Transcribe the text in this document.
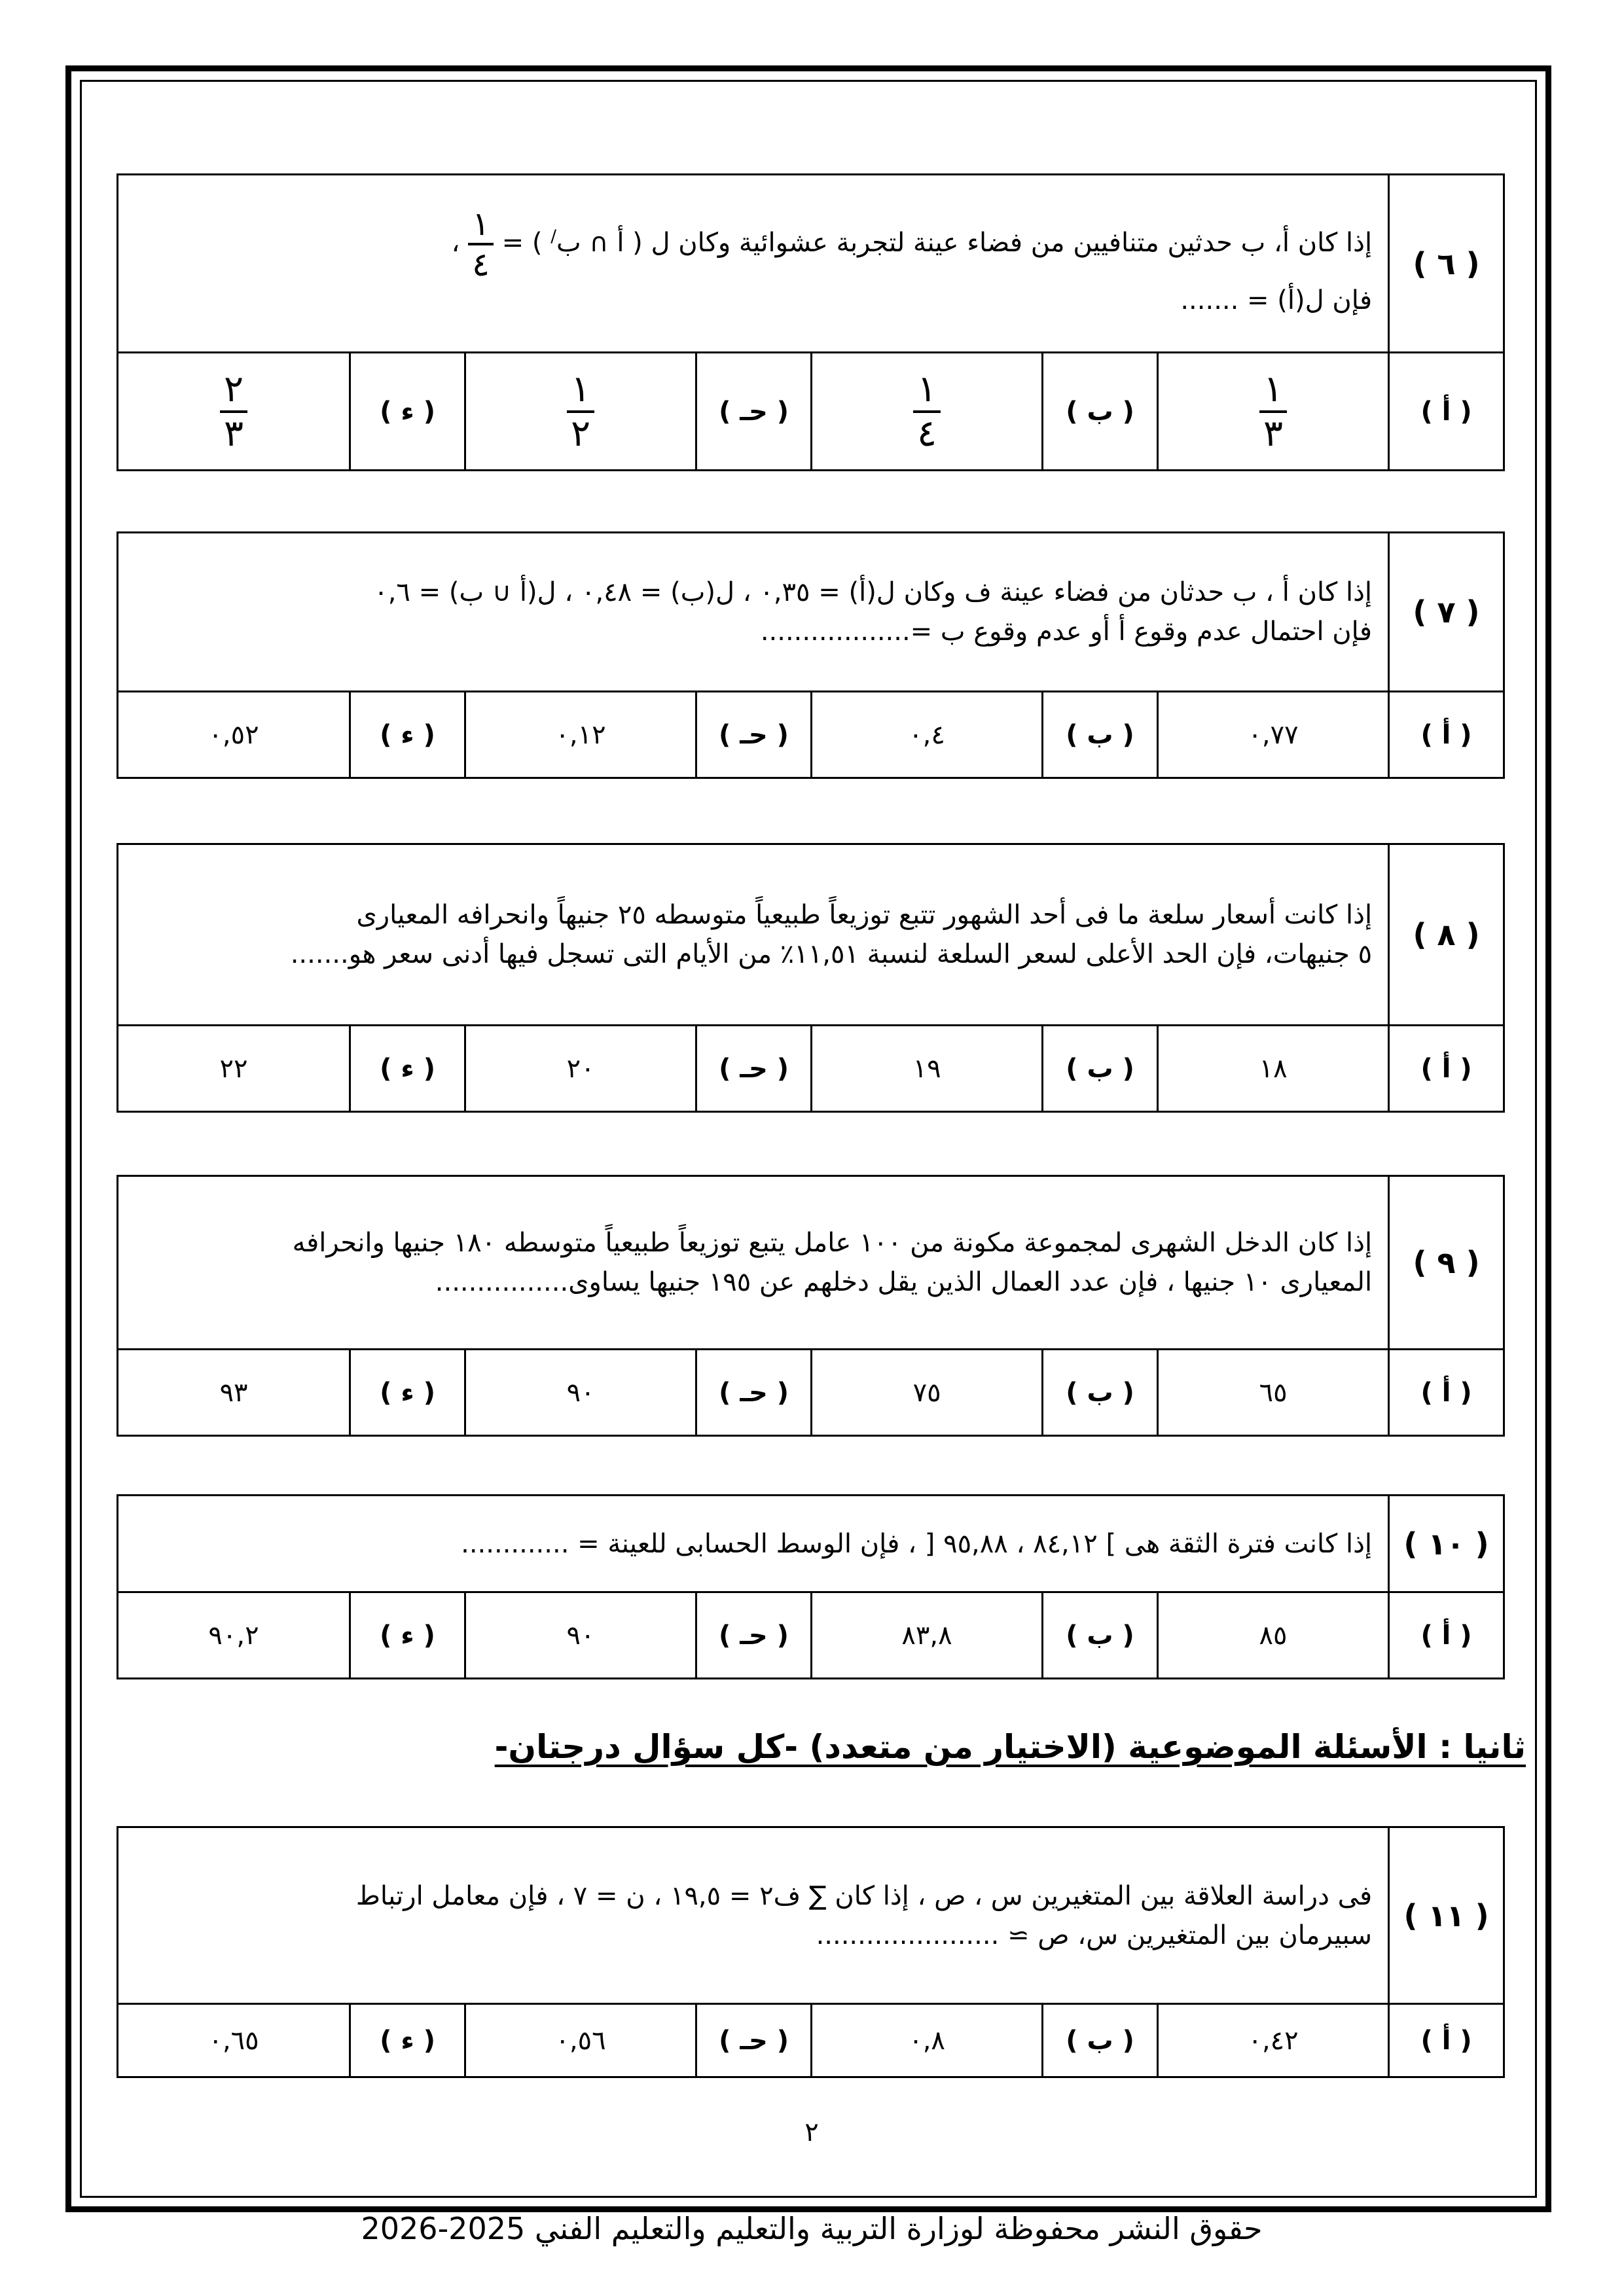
( ٦ )	إذا كان أ، ب حدثين متنافيين من فضاء عينة لتجربة عشوائية وكان ل ( أ ∩ ب/ ) =
$\frac{١}{٤}$
،
فإن ل(أ) = .......						

( أ )	$\frac{١}{٣}$	( ب )	$\frac{١}{٤}$	( حـ )	$\frac{١}{٢}$	( ء )	$\frac{٢}{٣}$
( ٧ )	إذا كان أ ، ب حدثان من فضاء عينة ف وكان ل(أ) = ٠,٣٥ ، ل(ب) = ٠,٤٨ ، ل(أ ∪ ب) = ٠,٦
فإن احتمال عدم وقوع أ أو عدم وقوع ب =..................						

( أ )	٠,٧٧	( ب )	٠,٤	( حـ )	٠,١٢	( ء )	٠,٥٢
( ٨ )	إذا كانت أسعار سلعة ما فى أحد الشهور تتبع توزيعاً طبيعياً متوسطه ٢٥ جنيهاً وانحرافه المعيارى
٥ جنيهات، فإن الحد الأعلى لسعر السلعة لنسبة ١١,٥١٪ من الأيام التى تسجل فيها أدنى سعر هو.......						

( أ )	١٨	( ب )	١٩	( حـ )	٢٠	( ء )	٢٢
( ٩ )	إذا كان الدخل الشهرى لمجموعة مكونة من ١٠٠ عامل يتبع توزيعاً طبيعياً متوسطه ١٨٠ جنيها وانحرافه
المعيارى ١٠ جنيها ، فإن عدد العمال الذين يقل دخلهم عن ١٩٥ جنيها يساوى................						

( أ )	٦٥	( ب )	٧٥	( حـ )	٩٠	( ء )	٩٣
( ١٠ )	إذا كانت فترة الثقة هى ] ٨٤,١٢ ، ٩٥,٨٨ [ ، فإن الوسط الحسابى للعينة = .............						

( أ )	٨٥	( ب )	٨٣,٨	( حـ )	٩٠	( ء )	٩٠,٢
ثانيا : الأسئلة الموضوعية (الاختيار من متعدد) -كل سؤال درجتان-
( ١١ )	فى دراسة العلاقة بين المتغيرين س ، ص ، إذا كان ∑ ف٢ = ١٩,٥ ، ن = ٧ ، فإن معامل ارتباط
سبيرمان بين المتغيرين س، ص ≃ ......................						

( أ )	٠,٤٢	( ب )	٠,٨	( حـ )	٠,٥٦	( ء )	٠,٦٥
٢
حقوق النشر محفوظة لوزارة التربية والتعليم والتعليم الفني 2025-2026
